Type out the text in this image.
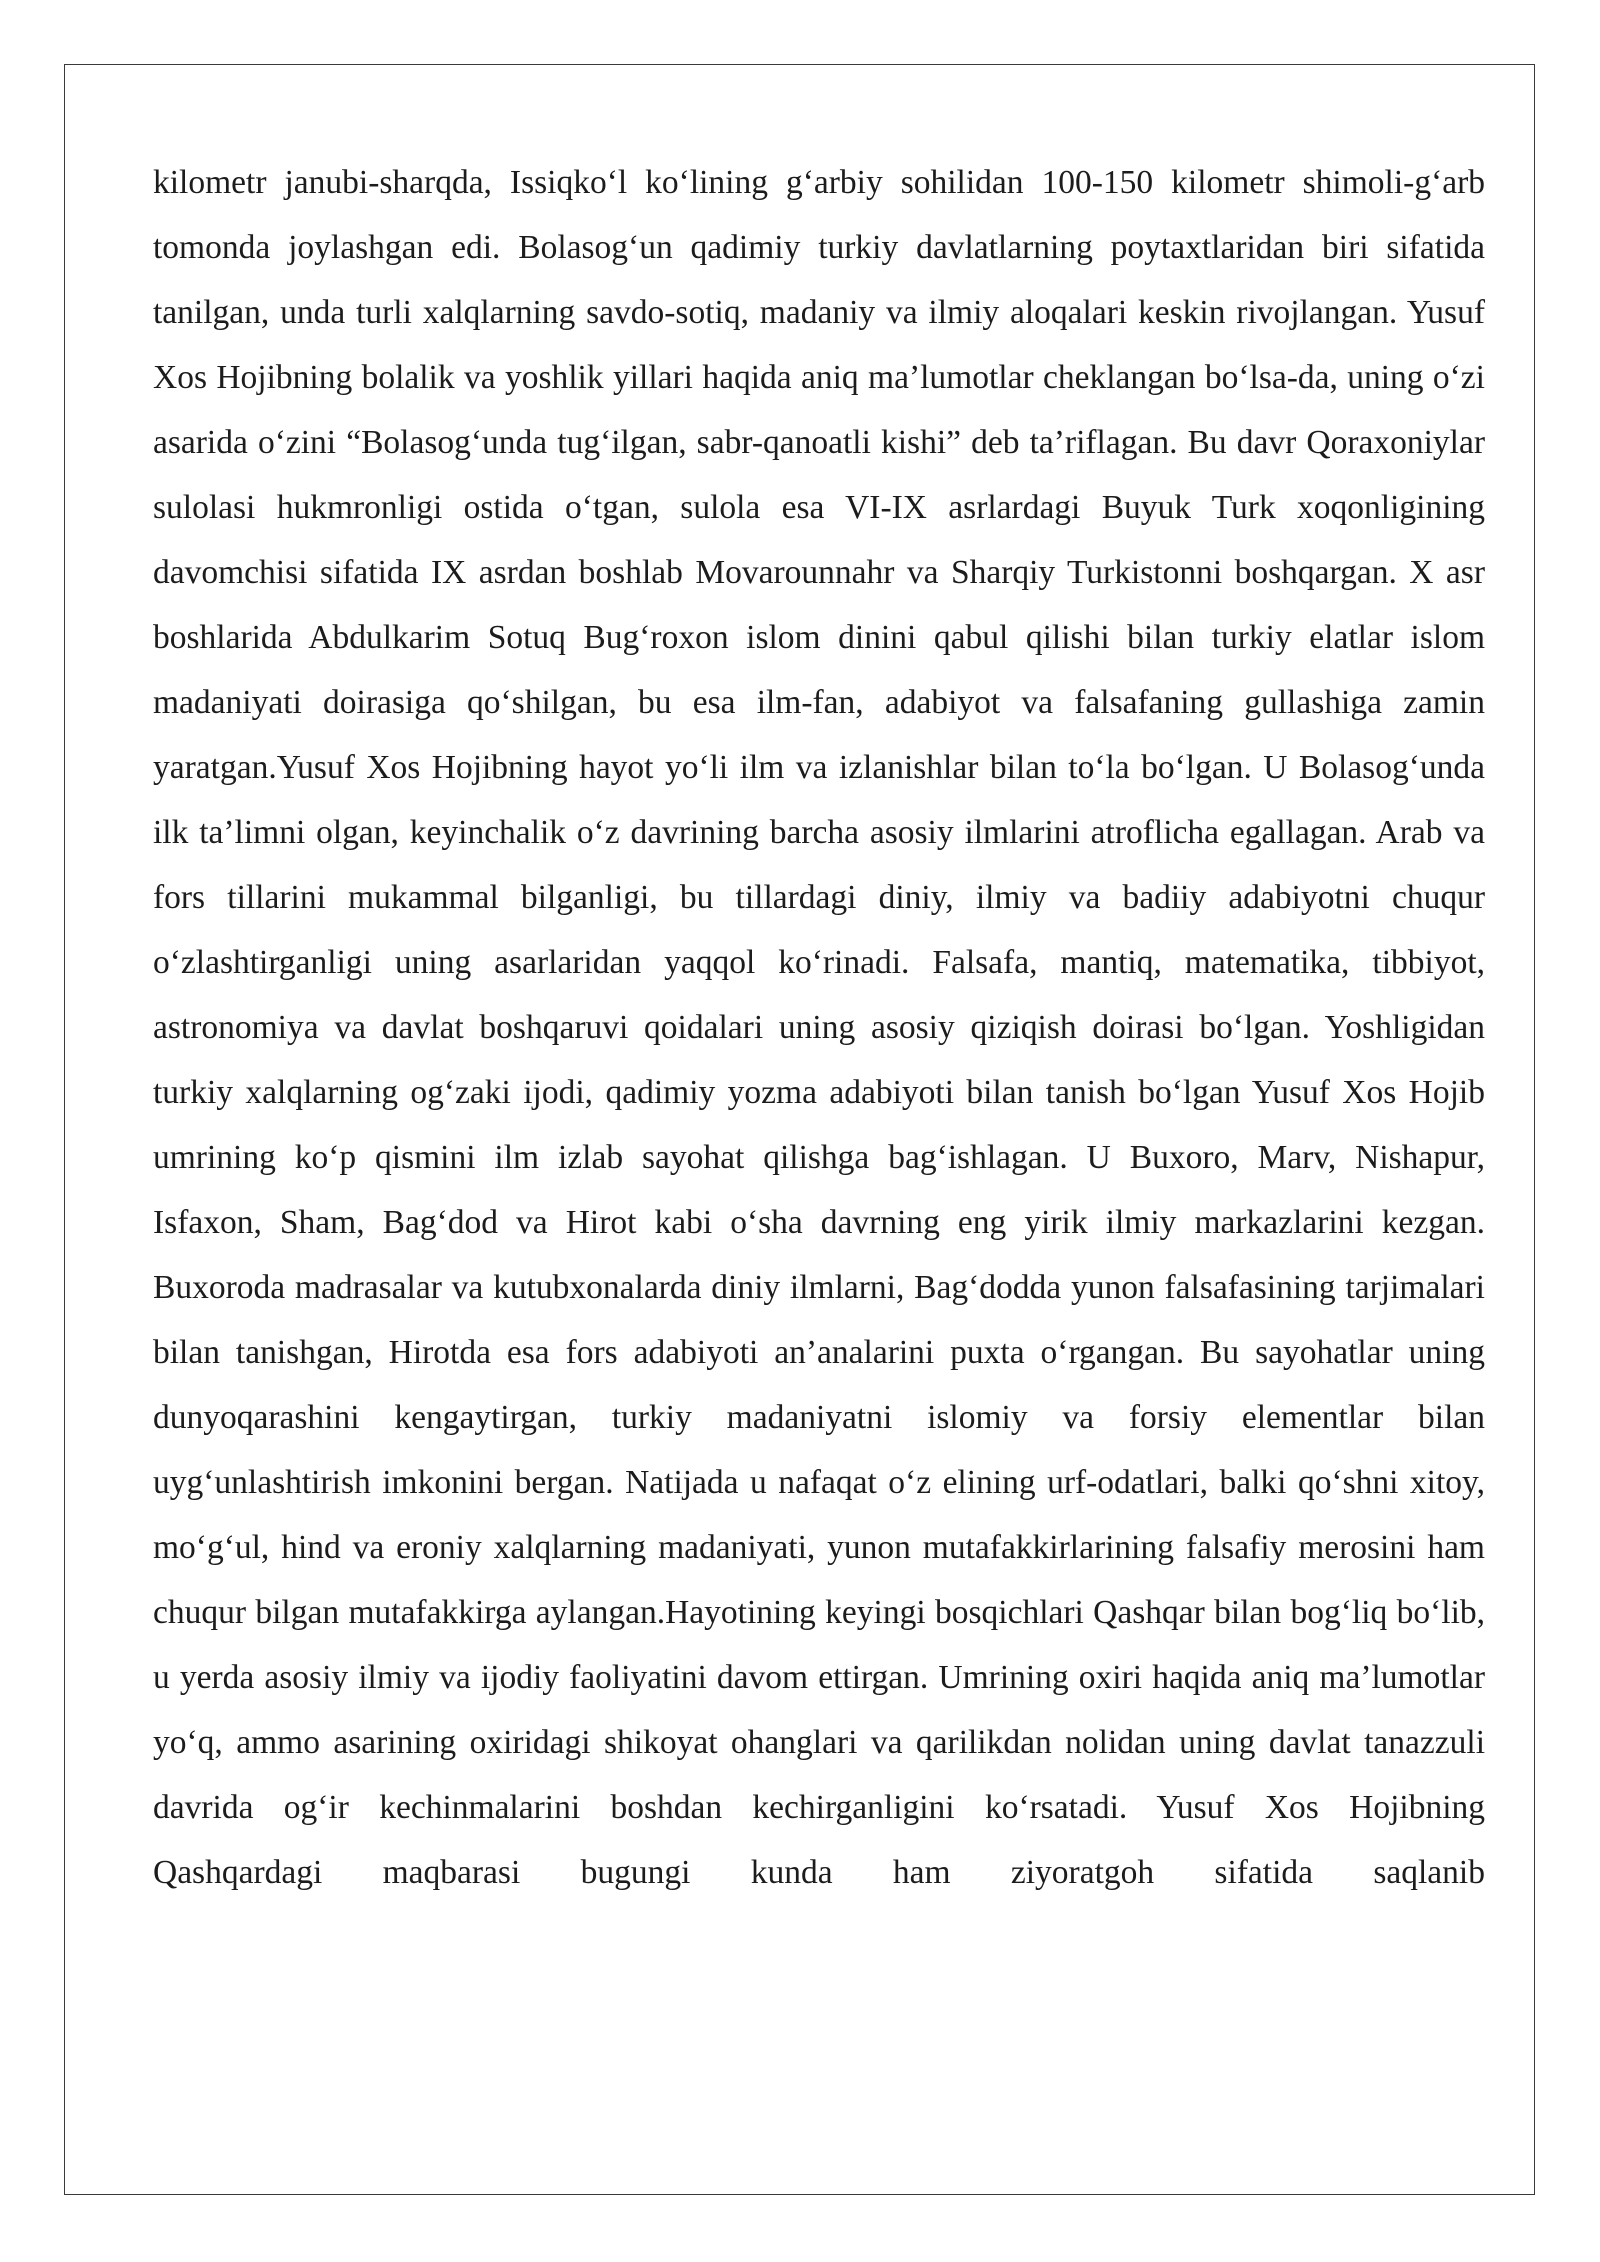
kilometr janubi-sharqda, Issiqko‘l ko‘lining g‘arbiy sohilidan 100-150 kilometr shimoli-g‘arb tomonda joylashgan edi. Bolasog‘un qadimiy turkiy davlatlarning poytaxtlaridan biri sifatida tanilgan, unda turli xalqlarning savdo-sotiq, madaniy va ilmiy aloqalari keskin rivojlangan. Yusuf Xos Hojibning bolalik va yoshlik yillari haqida aniq ma’lumotlar cheklangan bo‘lsa-da, uning o‘zi asarida o‘zini “Bolasog‘unda tug‘ilgan, sabr-qanoatli kishi” deb ta’riflagan. Bu davr Qoraxoniylar sulolasi hukmronligi ostida o‘tgan, sulola esa VI-IX asrlardagi Buyuk Turk xoqonligining davomchisi sifatida IX asrdan boshlab Movarounnahr va Sharqiy Turkistonni boshqargan. X asr boshlarida Abdulkarim Sotuq Bug‘roxon islom dinini qabul qilishi bilan turkiy elatlar islom madaniyati doirasiga qo‘shilgan, bu esa ilm-fan, adabiyot va falsafaning gullashiga zamin yaratgan.Yusuf Xos Hojibning hayot yo‘li ilm va izlanishlar bilan to‘la bo‘lgan. U Bolasog‘unda ilk ta’limni olgan, keyinchalik o‘z davrining barcha asosiy ilmlarini atroflicha egallagan. Arab va fors tillarini mukammal bilganligi, bu tillardagi diniy, ilmiy va badiiy adabiyotni chuqur o‘zlashtirganligi uning asarlaridan yaqqol ko‘rinadi. Falsafa, mantiq, matematika, tibbiyot, astronomiya va davlat boshqaruvi qoidalari uning asosiy qiziqish doirasi bo‘lgan. Yoshligidan turkiy xalqlarning og‘zaki ijodi, qadimiy yozma adabiyoti bilan tanish bo‘lgan Yusuf Xos Hojib umrining ko‘p qismini ilm izlab sayohat qilishga bag‘ishlagan. U Buxoro, Marv, Nishapur, Isfaxon, Sham, Bag‘dod va Hirot kabi o‘sha davrning eng yirik ilmiy markazlarini kezgan. Buxoroda madrasalar va kutubxonalarda diniy ilmlarni, Bag‘dodda yunon falsafasining tarjimalari bilan tanishgan, Hirotda esa fors adabiyoti an’analarini puxta o‘rgangan. Bu sayohatlar uning dunyoqarashini kengaytirgan, turkiy madaniyatni islomiy va forsiy elementlar bilan uyg‘unlashtirish imkonini bergan. Natijada u nafaqat o‘z elining urf-odatlari, balki qo‘shni xitoy, mo‘g‘ul, hind va eroniy xalqlarning madaniyati, yunon mutafakkirlarining falsafiy merosini ham chuqur bilgan mutafakkirga aylangan.Hayotining keyingi bosqichlari Qashqar bilan bog‘liq bo‘lib, u yerda asosiy ilmiy va ijodiy faoliyatini davom ettirgan. Umrining oxiri haqida aniq ma’lumotlar yo‘q, ammo asarining oxiridagi shikoyat ohanglari va qarilikdan nolidan uning davlat tanazzuli davrida og‘ir kechinmalarini boshdan kechirganligini ko‘rsatadi. Yusuf Xos Hojibning Qashqardagi maqbarasi bugungi kunda ham ziyoratgoh sifatida saqlanib
